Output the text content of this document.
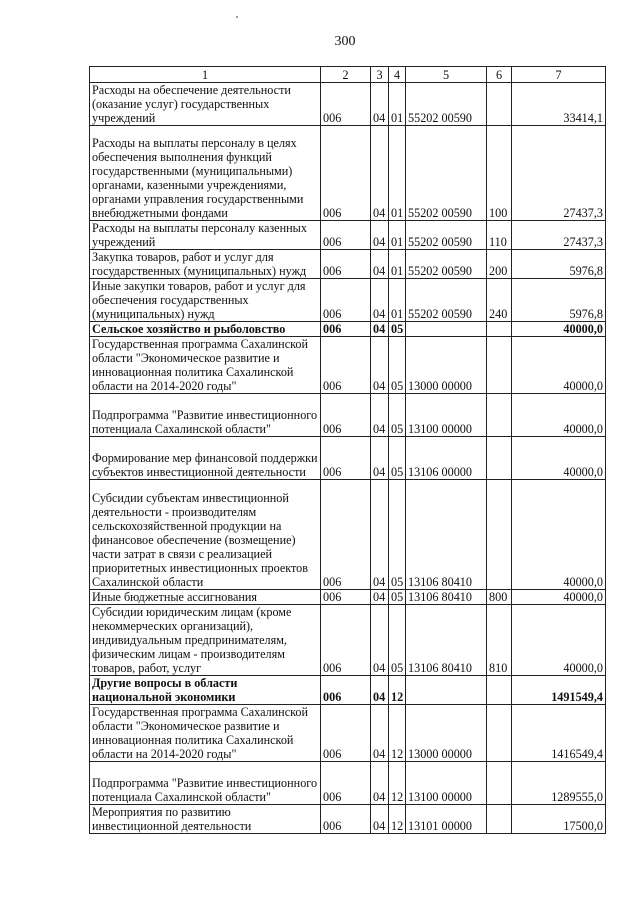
300
1	2	3	4	5	6	7
Расходы на обеспечение деятельности (оказание услуг) государственных учреждений	006	04	01	55202 00590		33414,1
Расходы на выплаты персоналу в целях обеспечения выполнения функций государственными (муниципальными) органами, казенными учреждениями, органами управления государственными внебюджетными фондами	006	04	01	55202 00590	100	27437,3
Расходы на выплаты персоналу казенных учреждений	006	04	01	55202 00590	110	27437,3
Закупка товаров, работ и услуг для государственных (муниципальных) нужд	006	04	01	55202 00590	200	5976,8
Иные закупки товаров, работ и услуг для обеспечения государственных (муниципальных) нужд	006	04	01	55202 00590	240	5976,8
Сельское хозяйство и рыболовство	006	04	05			40000,0
Государственная программа Сахалинской области "Экономическое развитие и инновационная политика Сахалинской области на 2014-2020 годы"	006	04	05	13000 00000		40000,0
Подпрограмма "Развитие инвестиционного потенциала Сахалинской области"	006	04	05	13100 00000		40000,0
Формирование мер финансовой поддержки субъектов инвестиционной деятельности	006	04	05	13106 00000		40000,0
Субсидии субъектам инвестиционной деятельности - производителям сельскохозяйственной продукции на финансовое обеспечение (возмещение) части затрат в связи с реализацией приоритетных инвестиционных проектов Сахалинской области	006	04	05	13106 80410		40000,0
Иные бюджетные ассигнования	006	04	05	13106 80410	800	40000,0
Субсидии юридическим лицам (кроме некоммерческих организаций), индивидуальным предпринимателям, физическим лицам - производителям товаров, работ, услуг	006	04	05	13106 80410	810	40000,0
Другие вопросы в области национальной экономики	006	04	12			1491549,4
Государственная программа Сахалинской области "Экономическое развитие и инновационная политика Сахалинской области на 2014-2020 годы"	006	04	12	13000 00000		1416549,4
Подпрограмма "Развитие инвестиционного потенциала Сахалинской области"	006	04	12	13100 00000		1289555,0
Мероприятия по развитию инвестиционной деятельности	006	04	12	13101 00000		17500,0
